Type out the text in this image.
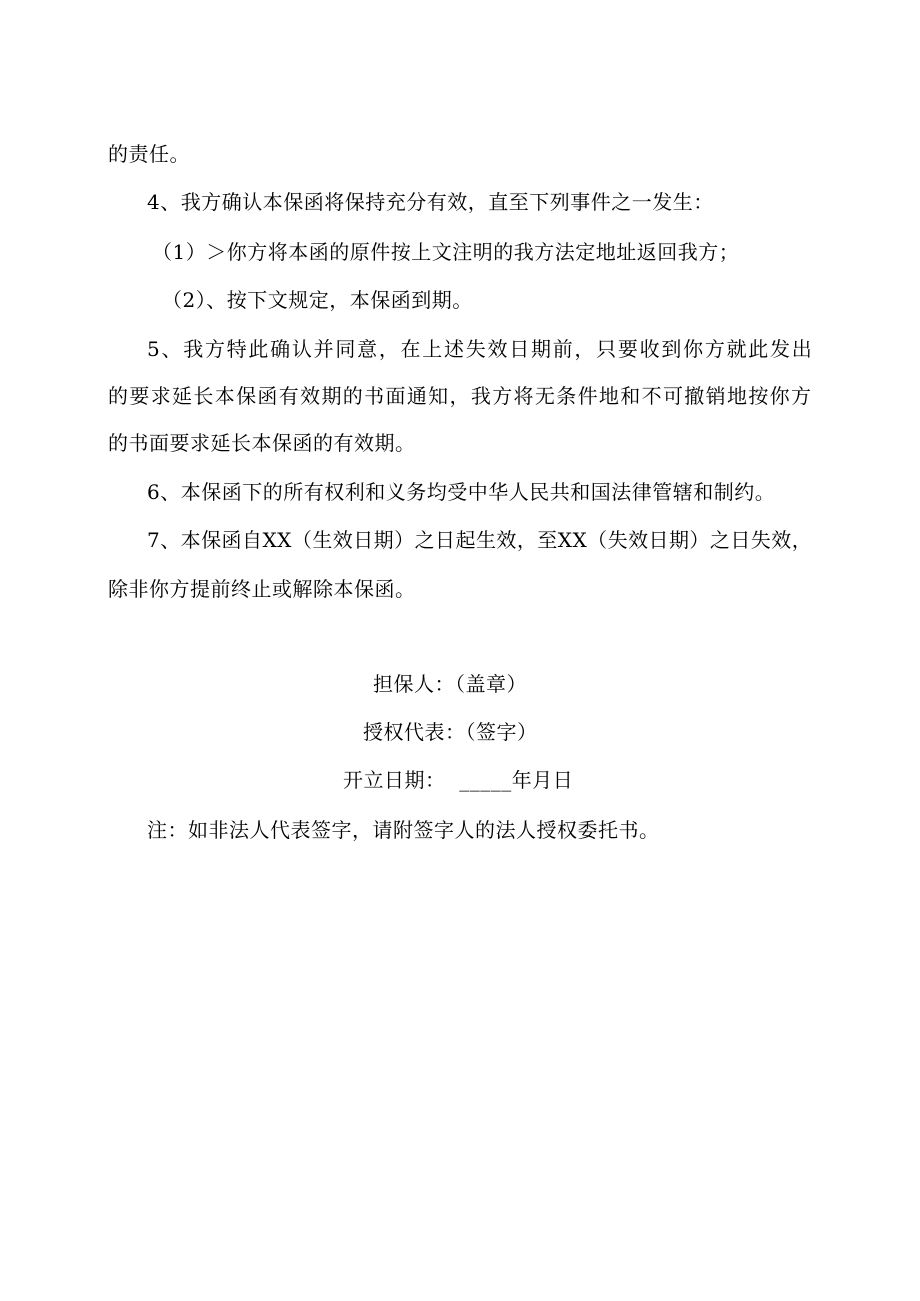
的责任。
4、我方确认本保函将保持充分有效，直至下列事件之一发生：
（1）＞你方将本函的原件按上文注明的我方法定地址返回我方；
（2）、按下文规定，本保函到期。
5 、 我 方 特 此 确 认 并 同 意 ， 在 上 述 失 效 日 期 前 ， 只 要 收 到 你 方 就 此 发 出
的 要 求 延 长 本 保 函 有 效 期 的 书 面 通 知 ， 我 方 将 无 条 件 地 和 不 可 撤 销 地 按 你 方
的书面要求延长本保函的有效期。
6、本保函下的所有权利和义务均受中华人民共和国法律管辖和制约。
7 、 本 保 函 自 X X （ 生 效 日 期 ） 之 日 起 生 效 ， 至 X X （ 失 效 日 期 ） 之 日 失 效 ，
除非你方提前终止或解除本保函。
担保人：（盖章）
授权代表：（签字）
开立日期：  _____年月日
注：如非法人代表签字，请附签字人的法人授权委托书。
